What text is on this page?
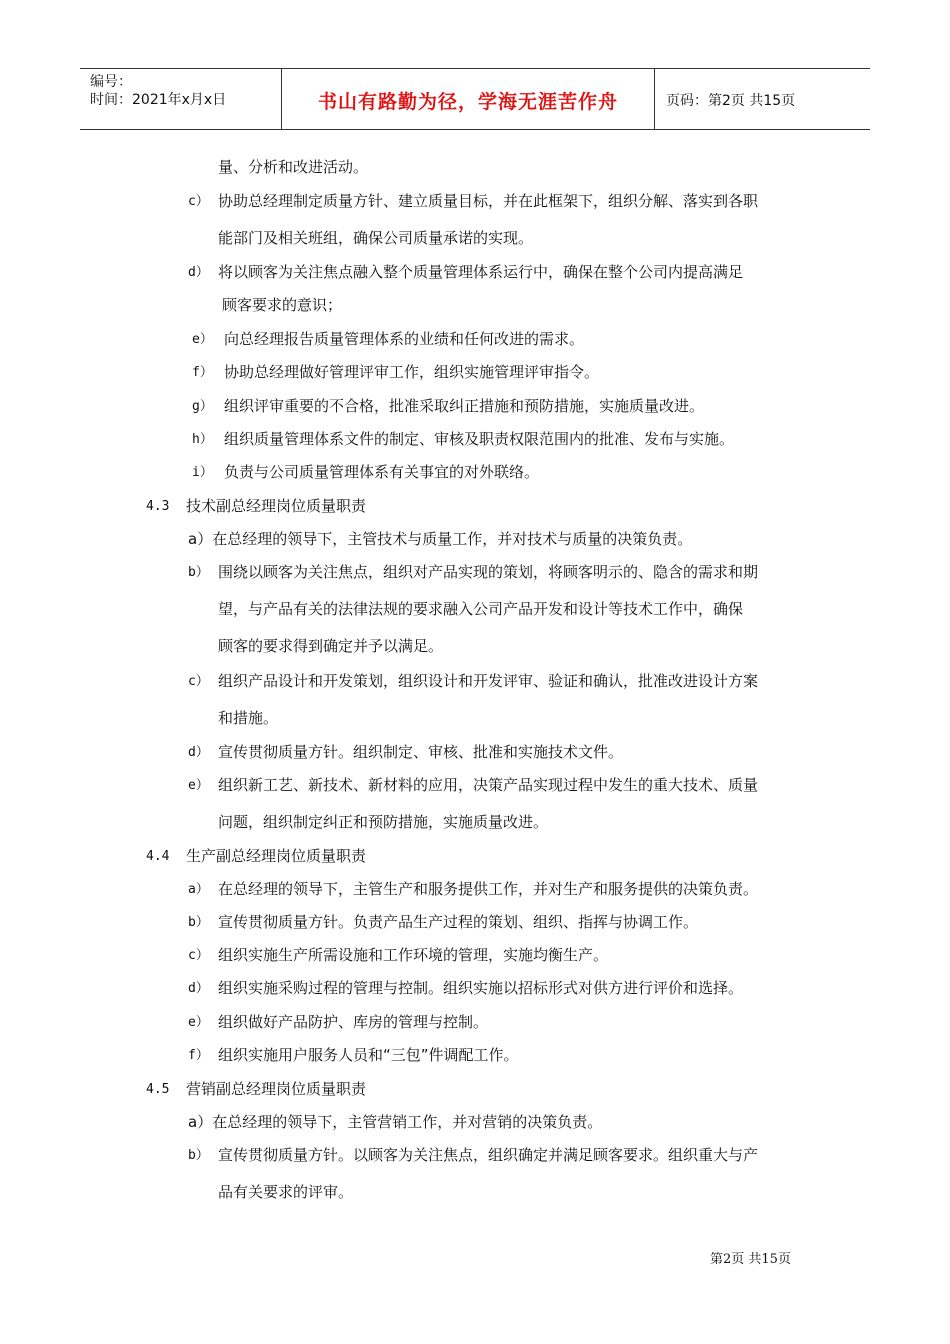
编号：
时间：2021年x月x日	书山有路勤为径，学海无涯苦作舟	页码：第2页 共15页
量、分析和改进活动。
c） 协助总经理制定质量方针、建立质量目标，并在此框架下，组织分解、落实到各职
能部门及相关班组，确保公司质量承诺的实现。
d） 将以顾客为关注焦点融入整个质量管理体系运行中，确保在整个公司内提高满足
顾客要求的意识；
e） 向总经理报告质量管理体系的业绩和任何改进的需求。
f） 协助总经理做好管理评审工作，组织实施管理评审指令。
g） 组织评审重要的不合格，批准采取纠正措施和预防措施，实施质量改进。
h） 组织质量管理体系文件的制定、审核及职责权限范围内的批准、发布与实施。
i） 负责与公司质量管理体系有关事宜的对外联络。
4.3 技术副总经理岗位质量职责
a）在总经理的领导下，主管技术与质量工作，并对技术与质量的决策负责。
b） 围绕以顾客为关注焦点，组织对产品实现的策划，将顾客明示的、隐含的需求和期
望，与产品有关的法律法规的要求融入公司产品开发和设计等技术工作中，确保
顾客的要求得到确定并予以满足。
c） 组织产品设计和开发策划，组织设计和开发评审、验证和确认，批准改进设计方案
和措施。
d） 宣传贯彻质量方针。组织制定、审核、批准和实施技术文件。
e） 组织新工艺、新技术、新材料的应用，决策产品实现过程中发生的重大技术、质量
问题，组织制定纠正和预防措施，实施质量改进。
4.4 生产副总经理岗位质量职责
a） 在总经理的领导下，主管生产和服务提供工作，并对生产和服务提供的决策负责。
b） 宣传贯彻质量方针。负责产品生产过程的策划、组织、指挥与协调工作。
c） 组织实施生产所需设施和工作环境的管理，实施均衡生产。
d） 组织实施采购过程的管理与控制。组织实施以招标形式对供方进行评价和选择。
e） 组织做好产品防护、库房的管理与控制。
f） 组织实施用户服务人员和“三包”件调配工作。
4.5 营销副总经理岗位质量职责
a）在总经理的领导下，主管营销工作，并对营销的决策负责。
b） 宣传贯彻质量方针。以顾客为关注焦点，组织确定并满足顾客要求。组织重大与产
品有关要求的评审。
第2页 共15页
